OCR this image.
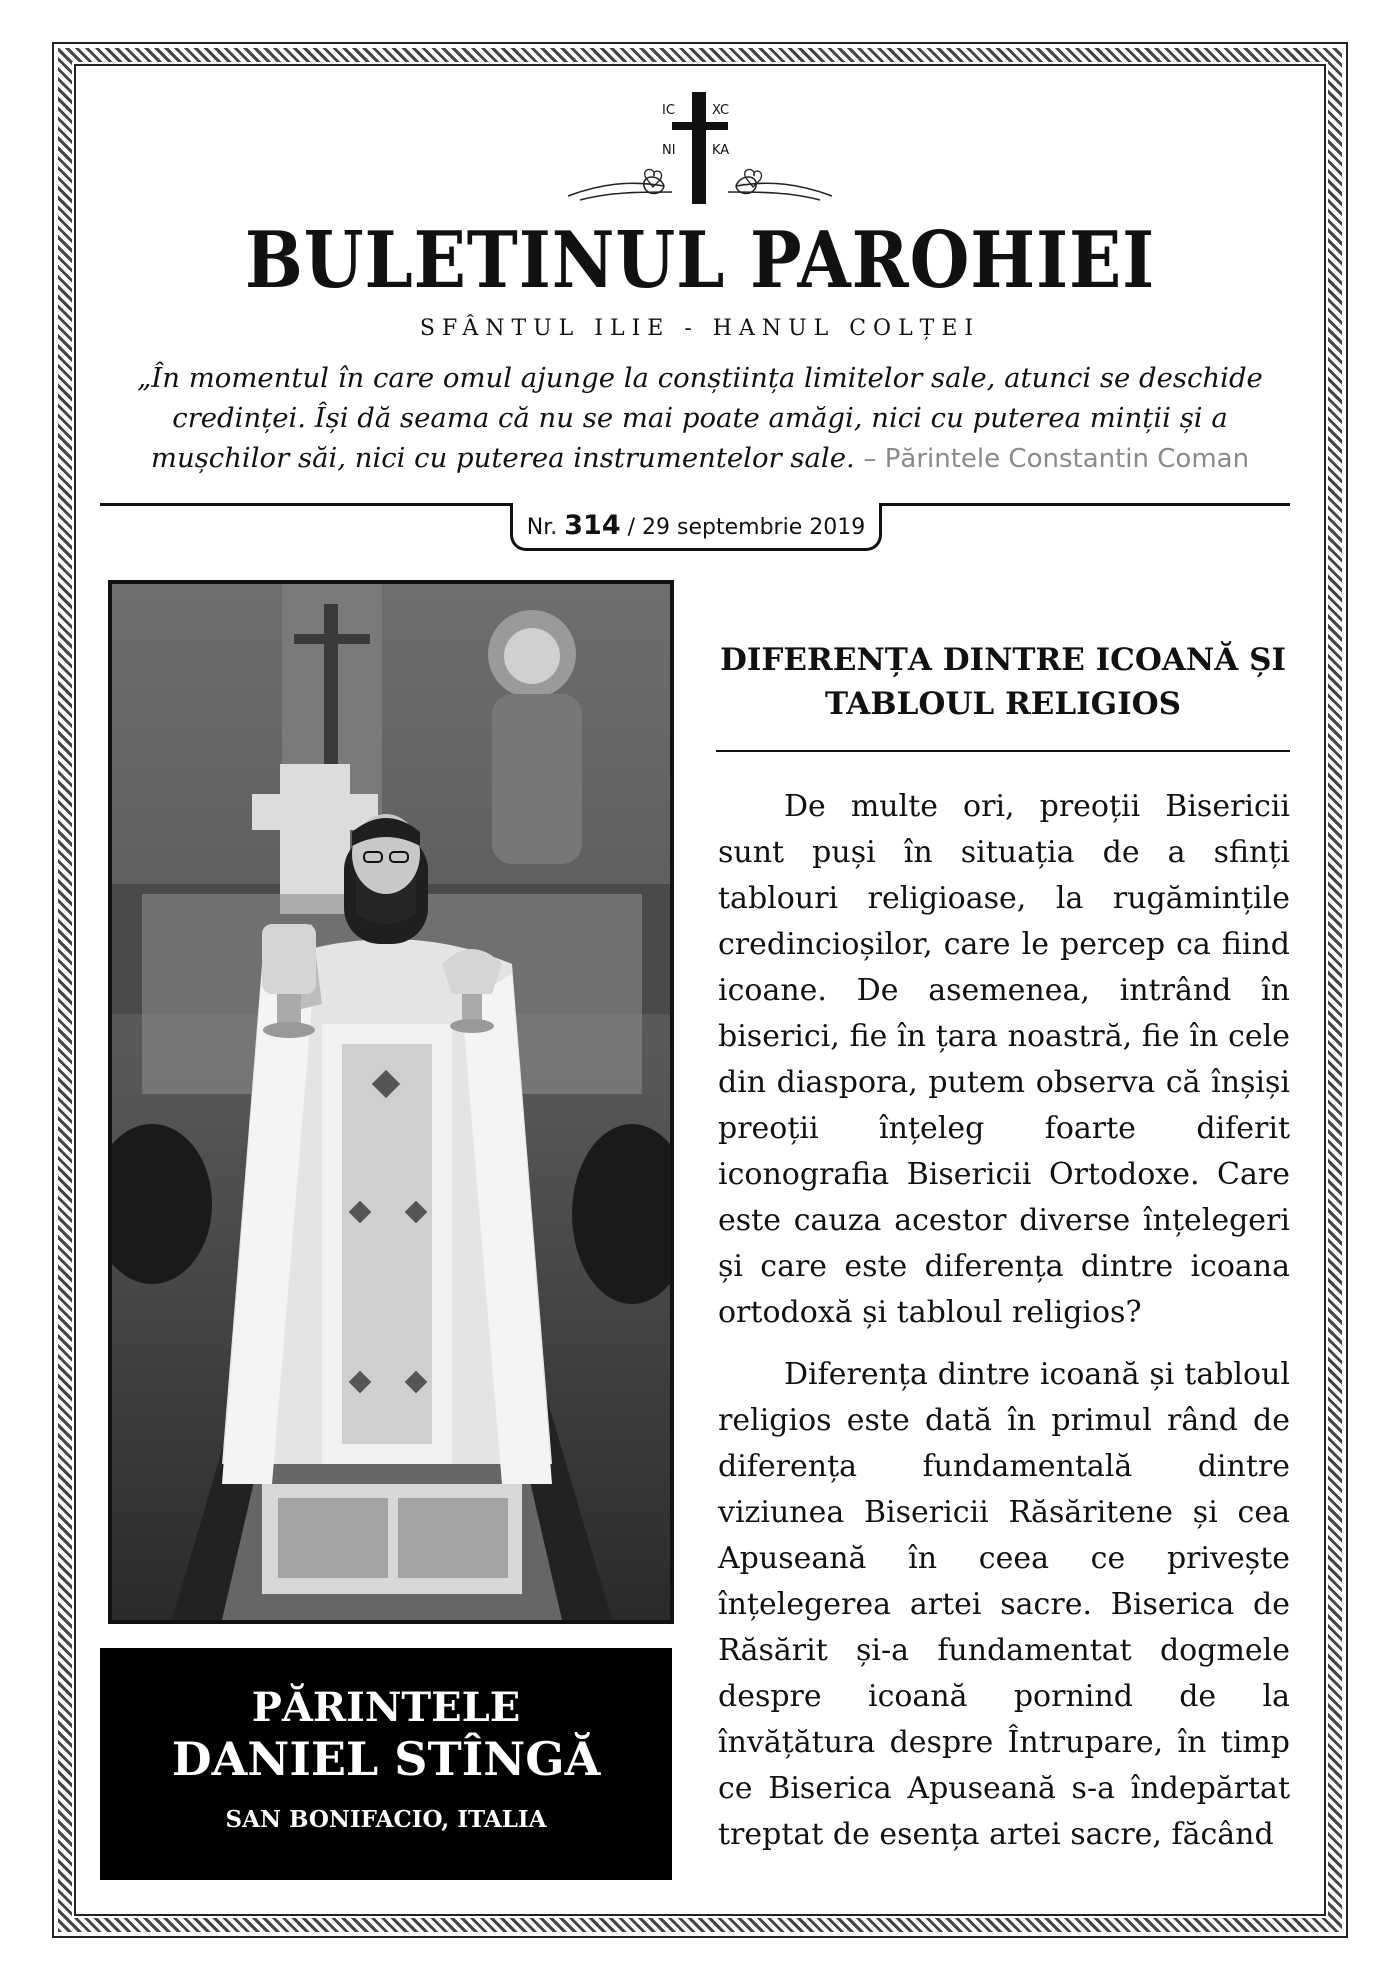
IC	XC
NI	KA
BULETINUL PAROHIEI
SFÂNTUL ILIE - HANUL COLȚEI
„În momentul în care omul ajunge la conștiința limitelor sale, atunci se deschide credinței. Își dă seama că nu se mai poate amăgi, nici cu puterea minții și a mușchilor săi, nici cu puterea instrumentelor sale. – Părintele Constantin Coman
Nr. 314 / 29 septembrie 2019
PĂRINTELE
DANIEL STÎNGĂ
SAN BONIFACIO, ITALIA
DIFERENȚA DINTRE ICOANĂ ȘI TABLOUL RELIGIOS

De multe ori, preoții Bisericii sunt puși în situația de a sfinți tablouri religioase, la rugămințile credincioșilor, care le percep ca fiind icoane. De asemenea, intrând în biserici, fie în țara noastră, fie în cele din diaspora, putem observa că înșiși preoții înțeleg foarte diferit iconografia Bisericii Ortodoxe. Care este cauza acestor diverse înțelegeri și care este diferența dintre icoana ortodoxă și tabloul religios?

Diferența dintre icoană și tabloul religios este dată în primul rând de diferența fundamentală dintre viziunea Bisericii Răsăritene și cea Apuseană în ceea ce privește înțelegerea artei sacre. Biserica de Răsărit și-a fundamentat dogmele despre icoană pornind de la învățătura despre Întrupare, în timp ce Biserica Apuseană s-a îndepărtat treptat de esența artei sacre, făcând
